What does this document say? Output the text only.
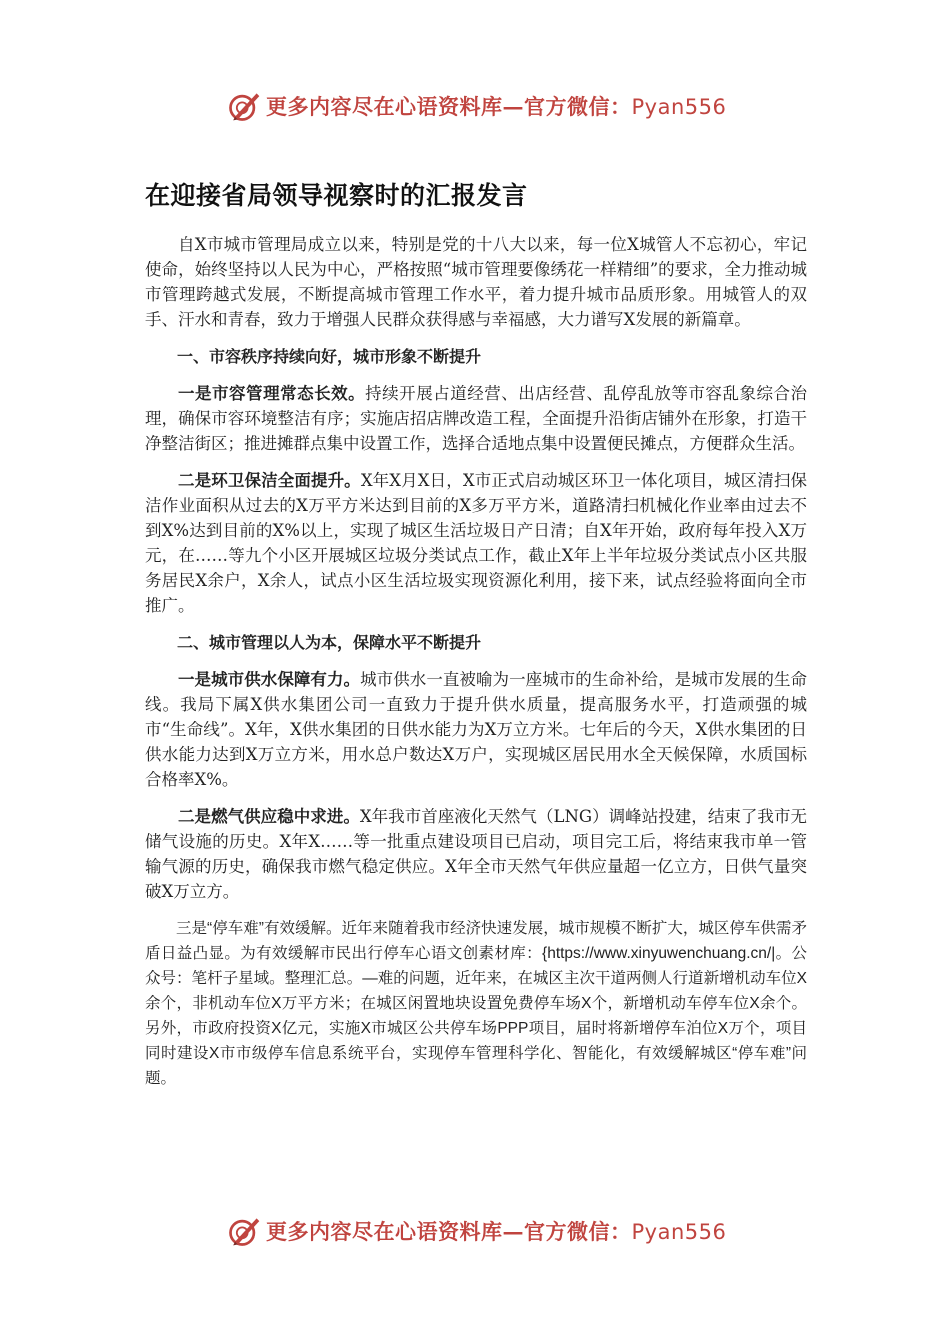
更多内容尽在心语资料库—官方微信：Pyan556
在迎接省局领导视察时的汇报发言

自X市城市管理局成立以来，特别是党的十八大以来，每一位X城管人不忘初心，牢记使命，始终坚持以人民为中心，严格按照“城市管理要像绣花一样精细”的要求，全力推动城市管理跨越式发展，不断提高城市管理工作水平，着力提升城市品质形象。用城管人的双手、汗水和青春，致力于增强人民群众获得感与幸福感，大力谱写X发展的新篇章。

一、市容秩序持续向好，城市形象不断提升

一是市容管理常态长效。持续开展占道经营、出店经营、乱停乱放等市容乱象综合治理，确保市容环境整洁有序；实施店招店牌改造工程，全面提升沿街店铺外在形象，打造干净整洁街区；推进摊群点集中设置工作，选择合适地点集中设置便民摊点，方便群众生活。

二是环卫保洁全面提升。X年X月X日，X市正式启动城区环卫一体化项目，城区清扫保洁作业面积从过去的X万平方米达到目前的X多万平方米，道路清扫机械化作业率由过去不到X%达到目前的X%以上，实现了城区生活垃圾日产日清；自X年开始，政府每年投入X万元，在……等九个小区开展城区垃圾分类试点工作，截止X年上半年垃圾分类试点小区共服务居民X余户，X余人，试点小区生活垃圾实现资源化利用，接下来，试点经验将面向全市推广。

二、城市管理以人为本，保障水平不断提升

一是城市供水保障有力。城市供水一直被喻为一座城市的生命补给，是城市发展的生命线。我局下属X供水集团公司一直致力于提升供水质量，提高服务水平，打造顽强的城市“生命线”。X年，X供水集团的日供水能力为X万立方米。七年后的今天，X供水集团的日供水能力达到X万立方米，用水总户数达X万户，实现城区居民用水全天候保障，水质国标合格率X%。

二是燃气供应稳中求进。X年我市首座液化天然气（LNG）调峰站投建，结束了我市无储气设施的历史。X年X……等一批重点建设项目已启动，项目完工后，将结束我市单一管输气源的历史，确保我市燃气稳定供应。X年全市天然气年供应量超一亿立方，日供气量突破X万立方。

三是“停车难”有效缓解。近年来随着我市经济快速发展，城市规模不断扩大，城区停车供需矛盾日益凸显。为有效缓解市民出行停车心语文创素材库：{https://www.xinyuwenchuang.cn/|。公众号：笔杆子星域。整理汇总。—难的问题，近年来，在城区主次干道两侧人行道新增机动车位X余个，非机动车位X万平方米；在城区闲置地块设置免费停车场X个，新增机动车停车位X余个。另外，市政府投资X亿元，实施X市城区公共停车场PPP项目，届时将新增停车泊位X万个，项目同时建设X市市级停车信息系统平台，实现停车管理科学化、智能化，有效缓解城区“停车难”问题。

更多内容尽在心语资料库—官方微信：Pyan556
